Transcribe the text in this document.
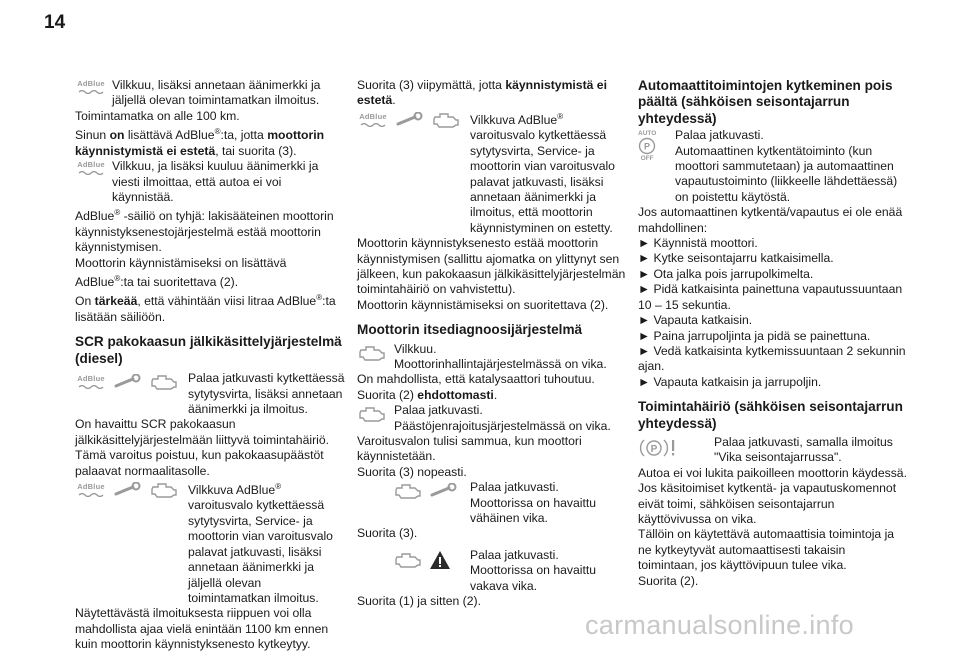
14
AdBlue Vilkkuu, lisäksi annetaan äänimerkki ja jäljellä olevan toimintamatkan ilmoitus.

Toimintamatka on alle 100 km.

Sinun on lisättävä AdBlue®:ta, jotta moottorin käynnistymistä ei estetä, tai suorita (3).

AdBlue Vilkkuu, ja lisäksi kuuluu äänimerkki ja viesti ilmoittaa, että autoa ei voi käynnistää.

AdBlue® -säiliö on tyhjä: lakisääteinen moottorin käynnistyksenestojärjestelmä estää moottorin käynnistymisen.

Moottorin käynnistämiseksi on lisättävä AdBlue®:ta tai suoritettava (2).

On tärkeää, että vähintään viisi litraa AdBlue®:ta lisätään säiliöön.

SCR pakokaasun jälkikäsittelyjärjestelmä (diesel)

AdBlue	Palaa jatkuvasti kytkettäessä sytytysvirta, lisäksi annetaan äänimerkki ja ilmoitus.

On havaittu SCR pakokaasun jälkikäsittelyjärjestelmään liittyvä toimintahäiriö.

Tämä varoitus poistuu, kun pakokaasupäästöt palaavat normaalitasolle.

AdBlue	Vilkkuva AdBlue® varoitusvalo kytkettäessä sytytysvirta, Service- ja moottorin vian varoitusvalo palavat jatkuvasti, lisäksi annetaan äänimerkki ja jäljellä olevan toimintamatkan ilmoitus.

Näytettävästä ilmoituksesta riippuen voi olla mahdollista ajaa vielä enintään 1100 km ennen kuin moottorin käynnistyksenesto kytkeytyy.

Suorita (3) viipymättä, jotta käynnistymistä ei estetä.

AdBlue	Vilkkuva AdBlue® varoitusvalo kytkettäessä sytytysvirta, Service- ja moottorin vian varoitusvalo palavat jatkuvasti, lisäksi annetaan äänimerkki ja ilmoitus, että moottorin käynnistyminen on estetty.

Moottorin käynnistyksenesto estää moottorin käynnistymisen (sallittu ajomatka on ylittynyt sen jälkeen, kun pakokaasun jälkikäsittelyjärjestelmän toimintahäiriö on vahvistettu).

Moottorin käynnistämiseksi on suoritettava (2).

Moottorin itsediagnoosijärjestelmä

Vilkkuu.
Moottorinhallintajärjestelmässä on vika.

On mahdollista, että katalysaattori tuhoutuu.

Suorita (2) ehdottomasti.

Palaa jatkuvasti.
Päästöjenrajoitusjärjestelmässä on vika.

Varoitusvalon tulisi sammua, kun moottori käynnistetään.

Suorita (3) nopeasti.

Palaa jatkuvasti.
Moottorissa on havaittu vähäinen vika.

Suorita (3).

Palaa jatkuvasti.
Moottorissa on havaittu vakava vika.

Suorita (1) ja sitten (2).

Automaattitoimintojen kytkeminen pois päältä (sähköisen seisontajarrun yhteydessä)

AUTO
P
OFF
Palaa jatkuvasti.
Automaattinen kytkentätoiminto (kun moottori sammutetaan) ja automaattinen vapautustoiminto (liikkeelle lähdettäessä) on poistettu käytöstä.

Jos automaattinen kytkentä/vapautus ei ole enää mahdollinen:

► Käynnistä moottori.

► Kytke seisontajarru katkaisimella.

► Ota jalka pois jarrupolkimelta.

► Pidä katkaisinta painettuna vapautussuuntaan 10 – 15 sekuntia.

► Vapauta katkaisin.

► Paina jarrupoljinta ja pidä se painettuna.

► Vedä katkaisinta kytkemissuuntaan 2 sekunnin ajan.

► Vapauta katkaisin ja jarrupoljin.

Toimintahäiriö (sähköisen seisontajarrun yhteydessä)

P
Palaa jatkuvasti, samalla ilmoitus "Vika seisontajarrussa".

Autoa ei voi lukita paikoilleen moottorin käydessä.

Jos käsitoimiset kytkentä- ja vapautuskomennot eivät toimi, sähköisen seisontajarrun käyttövivussa on vika.

Tällöin on käytettävä automaattisia toimintoja ja ne kytkeytyvät automaattisesti takaisin toimintaan, jos käyttövipuun tulee vika.

Suorita (2).

carmanualsonline.info
